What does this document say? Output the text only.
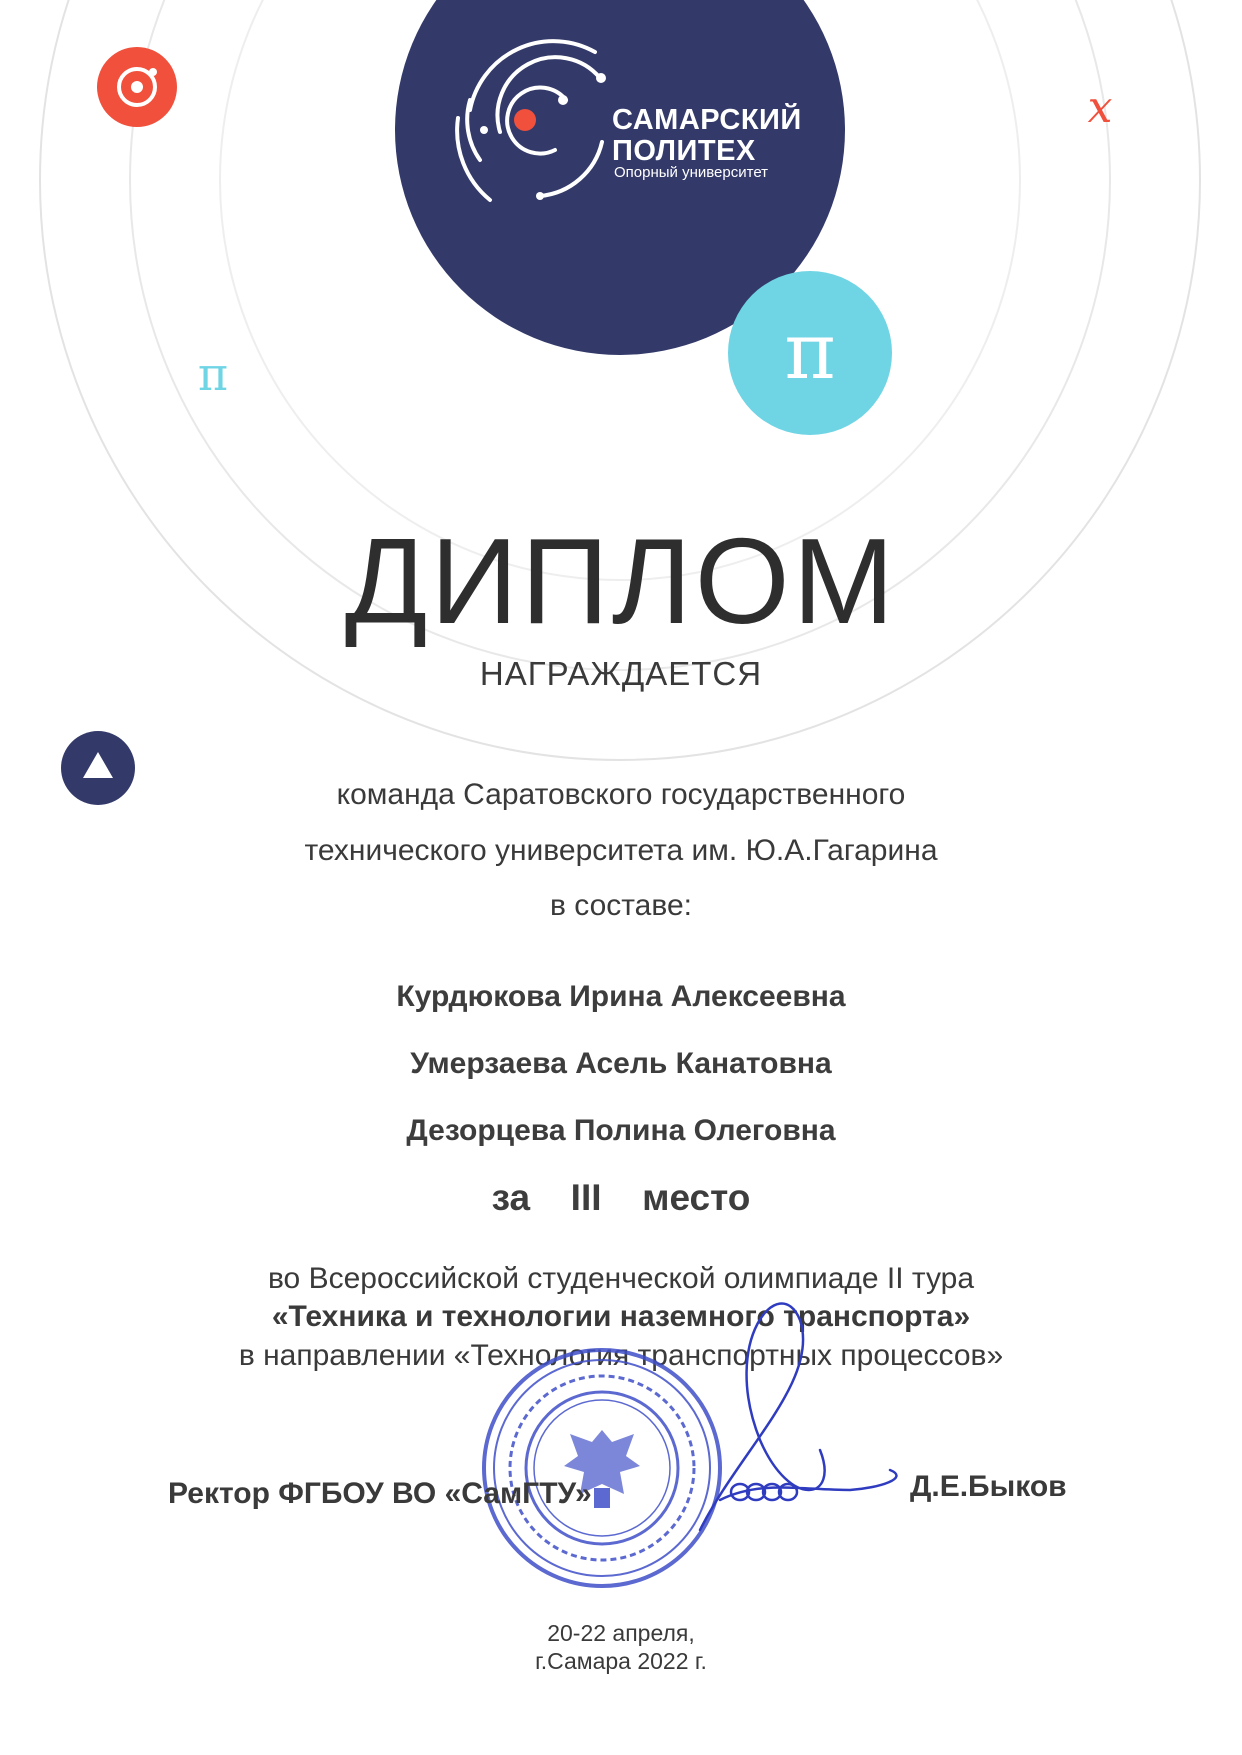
π
π
x
САМАРСКИЙ
ПОЛИТЕХ
Опорный университет
ДИПЛОМ
НАГРАЖДАЕТСЯ
команда Саратовского государственного
технического университета им. Ю.А.Гагарина
в составе:
Курдюкова Ирина Алексеевна
Умерзаева Асель Канатовна
Дезорцева Полина Олеговна
за  III  место
во Всероссийской студенческой олимпиаде II тура
«Техника и технологии наземного транспорта»
в направлении «Технология транспортных процессов»
Ректор ФГБОУ ВО «СамГТУ»	Д.Е.Быков
20-22 апреля,
г.Самара 2022 г.
